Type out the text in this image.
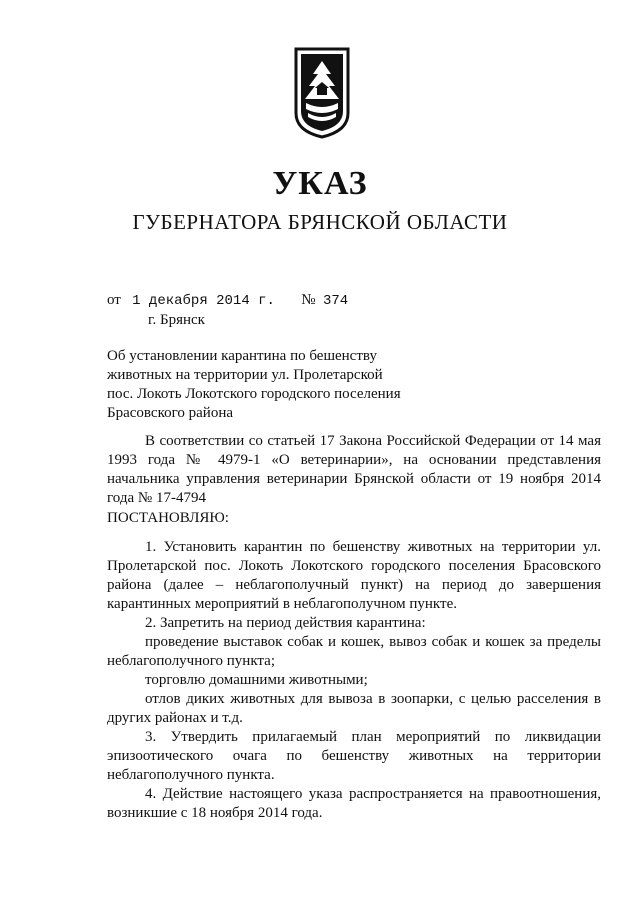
УКАЗ
ГУБЕРНАТОРА БРЯНСКОЙ ОБЛАСТИ
от 1 декабря 2014 г. № 374
г. Брянск
Об установлении карантина по бешенству животных на территории ул. Пролетарской пос. Локоть Локотского городского поселения Брасовского района

В соответствии со статьей 17 Закона Российской Федерации от 14 мая 1993 года № 4979-1 «О ветеринарии», на основании представления начальника управления ветеринарии Брянской области от 19 ноября 2014 года № 17-4794

ПОСТАНОВЛЯЮ:

1. Установить карантин по бешенству животных на территории ул. Пролетарской пос. Локоть Локотского городского поселения Брасовского района (далее – неблагополучный пункт) на период до завершения карантинных мероприятий в неблагополучном пункте.

2. Запретить на период действия карантина:

проведение выставок собак и кошек, вывоз собак и кошек за пределы неблагополучного пункта;

торговлю домашними животными;

отлов диких животных для вывоза в зоопарки, с целью расселения в других районах и т.д.

3. Утвердить прилагаемый план мероприятий по ликвидации эпизоотического очага по бешенству животных на территории неблагополучного пункта.

4. Действие настоящего указа распространяется на правоотношения, возникшие с 18 ноября 2014 года.
